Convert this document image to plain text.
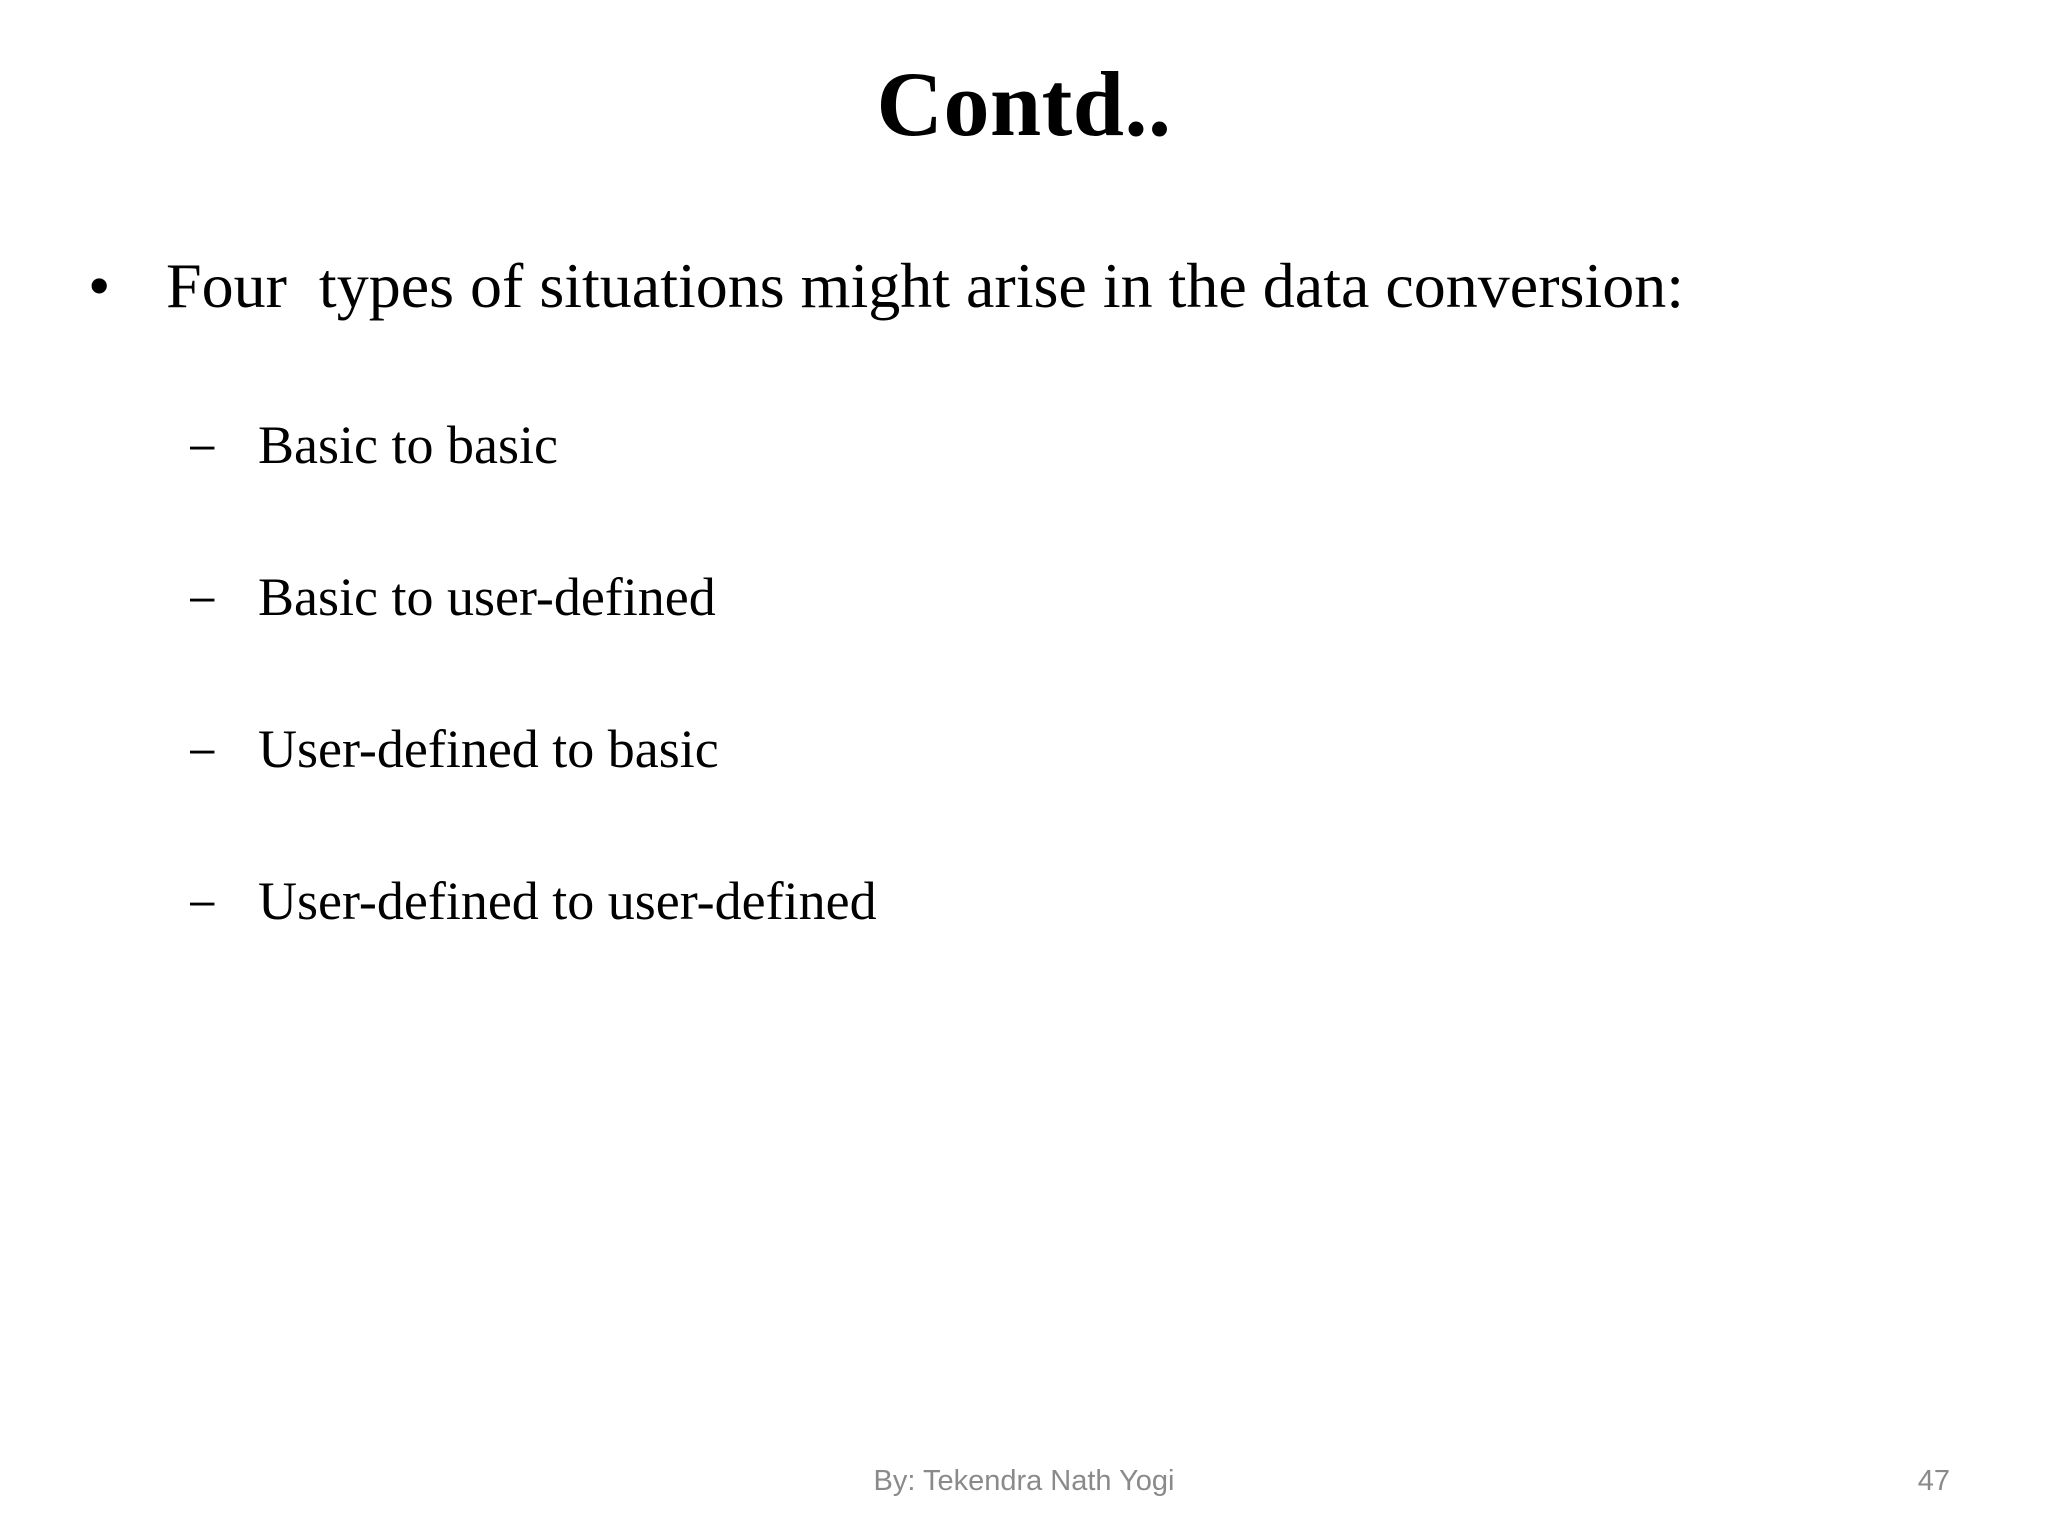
Contd..

•

Four  types of situations might arise in the data conversion:

– Basic to basic
– Basic to user-defined
– User-defined to basic
– User-defined to user-defined
By: Tekendra Nath Yogi	47
